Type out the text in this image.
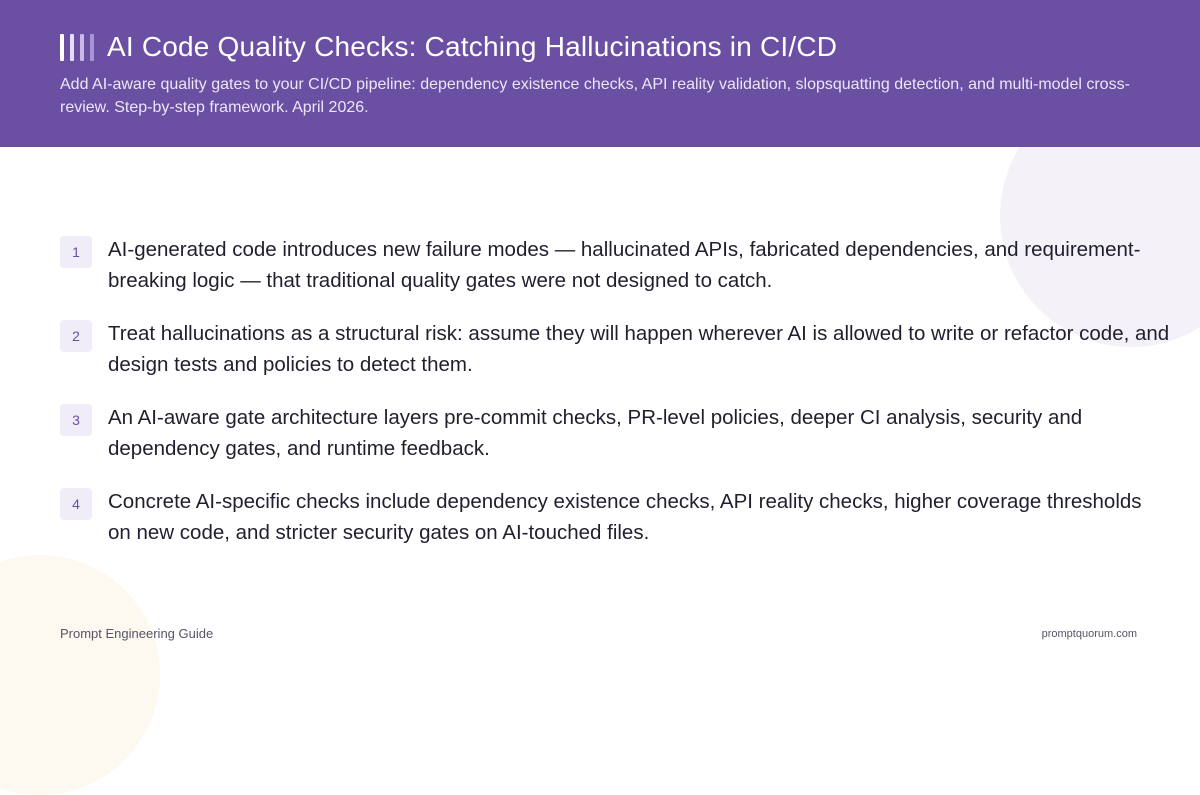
AI Code Quality Checks: Catching Hallucinations in CI/CD

Add AI-aware quality gates to your CI/CD pipeline: dependency existence checks, API reality validation, slopsquatting detection, and multi-model cross-review. Step-by-step framework. April 2026.

1	AI-generated code introduces new failure modes — hallucinated APIs, fabricated dependencies, and requirement-breaking logic — that traditional quality gates were not designed to catch.
2	Treat hallucinations as a structural risk: assume they will happen wherever AI is allowed to write or refactor code, and design tests and policies to detect them.
3	An AI-aware gate architecture layers pre-commit checks, PR-level policies, deeper CI analysis, security and dependency gates, and runtime feedback.
4	Concrete AI-specific checks include dependency existence checks, API reality checks, higher coverage thresholds on new code, and stricter security gates on AI-touched files.
Prompt Engineering Guide	promptquorum.com
